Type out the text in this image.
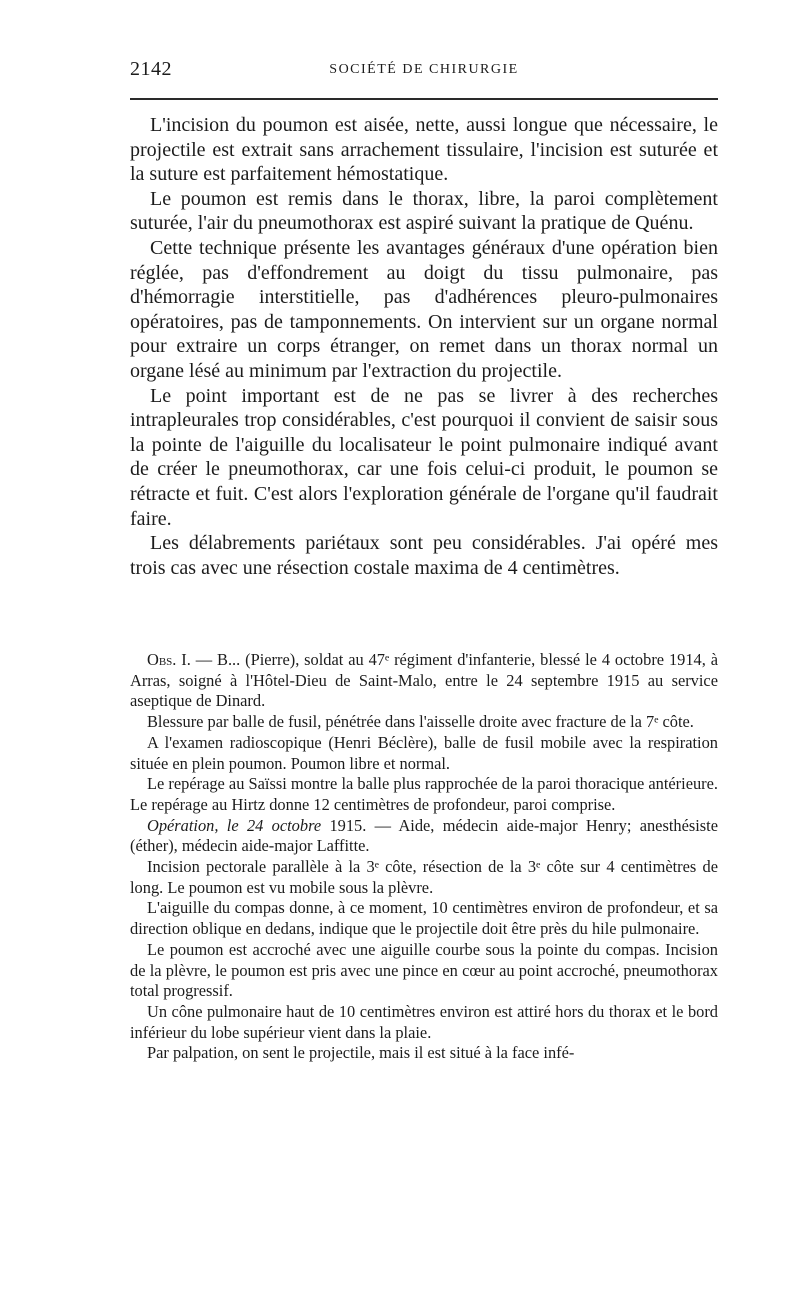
2142	SOCIÉTÉ DE CHIRURGIE

L'incision du poumon est aisée, nette, aussi longue que nécessaire, le projectile est extrait sans arrachement tissulaire, l'incision est suturée et la suture est parfaitement hémostatique.

Le poumon est remis dans le thorax, libre, la paroi complètement suturée, l'air du pneumothorax est aspiré suivant la pratique de Quénu.

Cette technique présente les avantages généraux d'une opération bien réglée, pas d'effondrement au doigt du tissu pulmonaire, pas d'hémorragie interstitielle, pas d'adhérences pleuro-pulmonaires opératoires, pas de tamponnements. On intervient sur un organe normal pour extraire un corps étranger, on remet dans un thorax normal un organe lésé au minimum par l'extraction du projectile.

Le point important est de ne pas se livrer à des recherches intrapleurales trop considérables, c'est pourquoi il convient de saisir sous la pointe de l'aiguille du localisateur le point pulmonaire indiqué avant de créer le pneumothorax, car une fois celui-ci produit, le poumon se rétracte et fuit. C'est alors l'exploration générale de l'organe qu'il faudrait faire.

Les délabrements pariétaux sont peu considérables. J'ai opéré mes trois cas avec une résection costale maxima de 4 centimètres.

Obs. I. — B... (Pierre), soldat au 47ᵉ régiment d'infanterie, blessé le 4 octobre 1914, à Arras, soigné à l'Hôtel-Dieu de Saint-Malo, entre le 24 septembre 1915 au service aseptique de Dinard.

Blessure par balle de fusil, pénétrée dans l'aisselle droite avec fracture de la 7ᵉ côte.

A l'examen radioscopique (Henri Béclère), balle de fusil mobile avec la respiration située en plein poumon. Poumon libre et normal.

Le repérage au Saïssi montre la balle plus rapprochée de la paroi thoracique antérieure. Le repérage au Hirtz donne 12 centimètres de profondeur, paroi comprise.

Opération, le 24 octobre 1915. — Aide, médecin aide-major Henry; anesthésiste (éther), médecin aide-major Laffitte.

Incision pectorale parallèle à la 3ᵉ côte, résection de la 3ᵉ côte sur 4 centimètres de long. Le poumon est vu mobile sous la plèvre.

L'aiguille du compas donne, à ce moment, 10 centimètres environ de profondeur, et sa direction oblique en dedans, indique que le projectile doit être près du hile pulmonaire.

Le poumon est accroché avec une aiguille courbe sous la pointe du compas. Incision de la plèvre, le poumon est pris avec une pince en cœur au point accroché, pneumothorax total progressif.

Un cône pulmonaire haut de 10 centimètres environ est attiré hors du thorax et le bord inférieur du lobe supérieur vient dans la plaie.

Par palpation, on sent le projectile, mais il est situé à la face infé-
